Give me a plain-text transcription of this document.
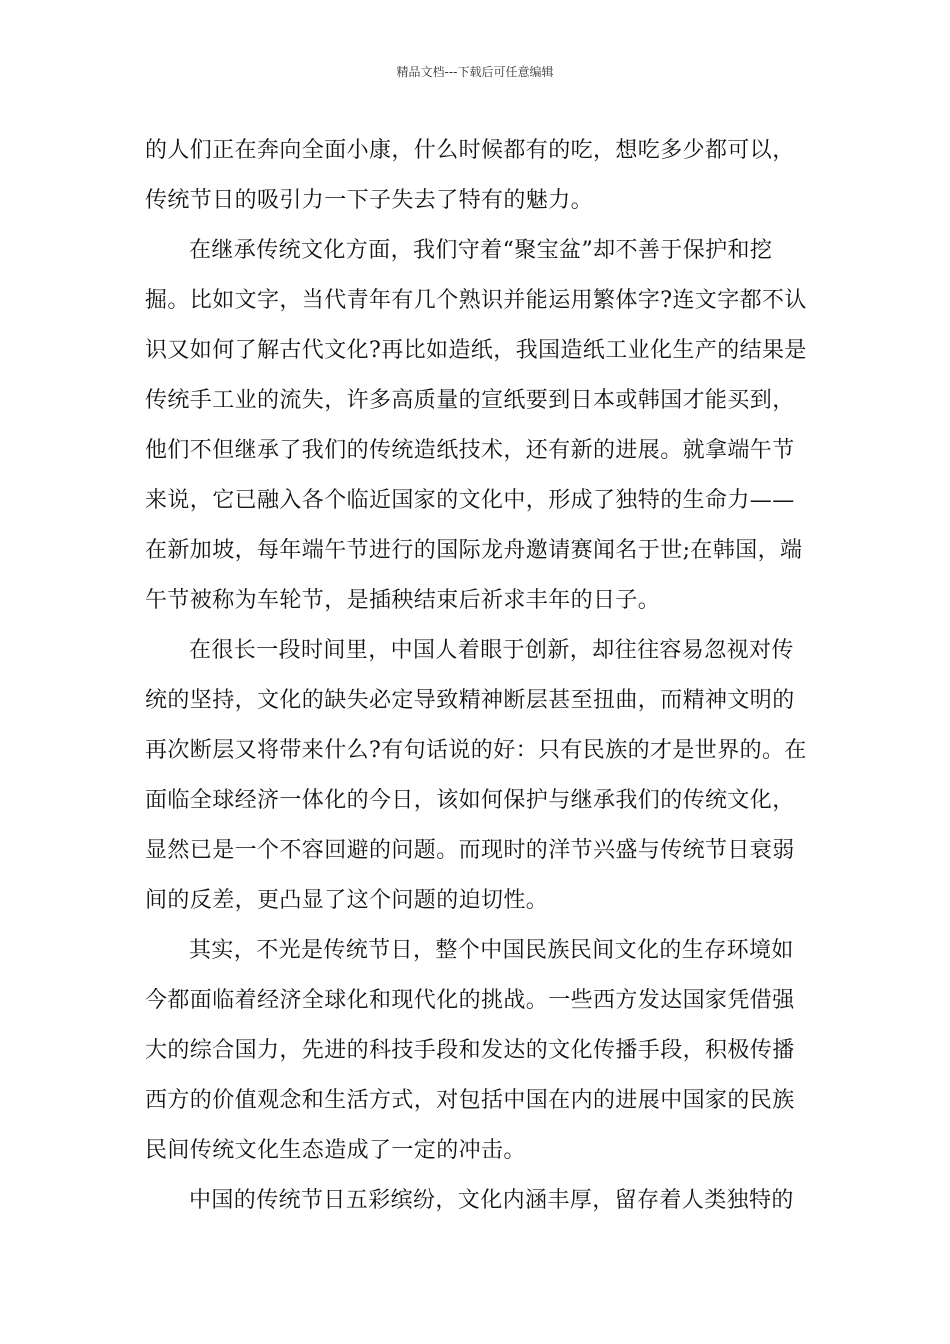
精品文档---下载后可任意编辑
的人们正在奔向全面小康，什么时候都有的吃，想吃多少都可以，
传统节日的吸引力一下子失去了特有的魅力。
在继承传统文化方面，我们守着“聚宝盆”却不善于保护和挖
掘。比如文字，当代青年有几个熟识并能运用繁体字?连文字都不认
识又如何了解古代文化?再比如造纸，我国造纸工业化生产的结果是
传统手工业的流失，许多高质量的宣纸要到日本或韩国才能买到，
他们不但继承了我们的传统造纸技术，还有新的进展。就拿端午节
来说，它已融入各个临近国家的文化中，形成了独特的生命力——
在新加坡，每年端午节进行的国际龙舟邀请赛闻名于世;在韩国，端
午节被称为车轮节，是插秧结束后祈求丰年的日子。
在很长一段时间里，中国人着眼于创新，却往往容易忽视对传
统的坚持，文化的缺失必定导致精神断层甚至扭曲，而精神文明的
再次断层又将带来什么?有句话说的好：只有民族的才是世界的。在
面临全球经济一体化的今日，该如何保护与继承我们的传统文化，
显然已是一个不容回避的问题。而现时的洋节兴盛与传统节日衰弱
间的反差，更凸显了这个问题的迫切性。
其实，不光是传统节日，整个中国民族民间文化的生存环境如
今都面临着经济全球化和现代化的挑战。一些西方发达国家凭借强
大的综合国力，先进的科技手段和发达的文化传播手段，积极传播
西方的价值观念和生活方式，对包括中国在内的进展中国家的民族
民间传统文化生态造成了一定的冲击。
中国的传统节日五彩缤纷，文化内涵丰厚，留存着人类独特的
